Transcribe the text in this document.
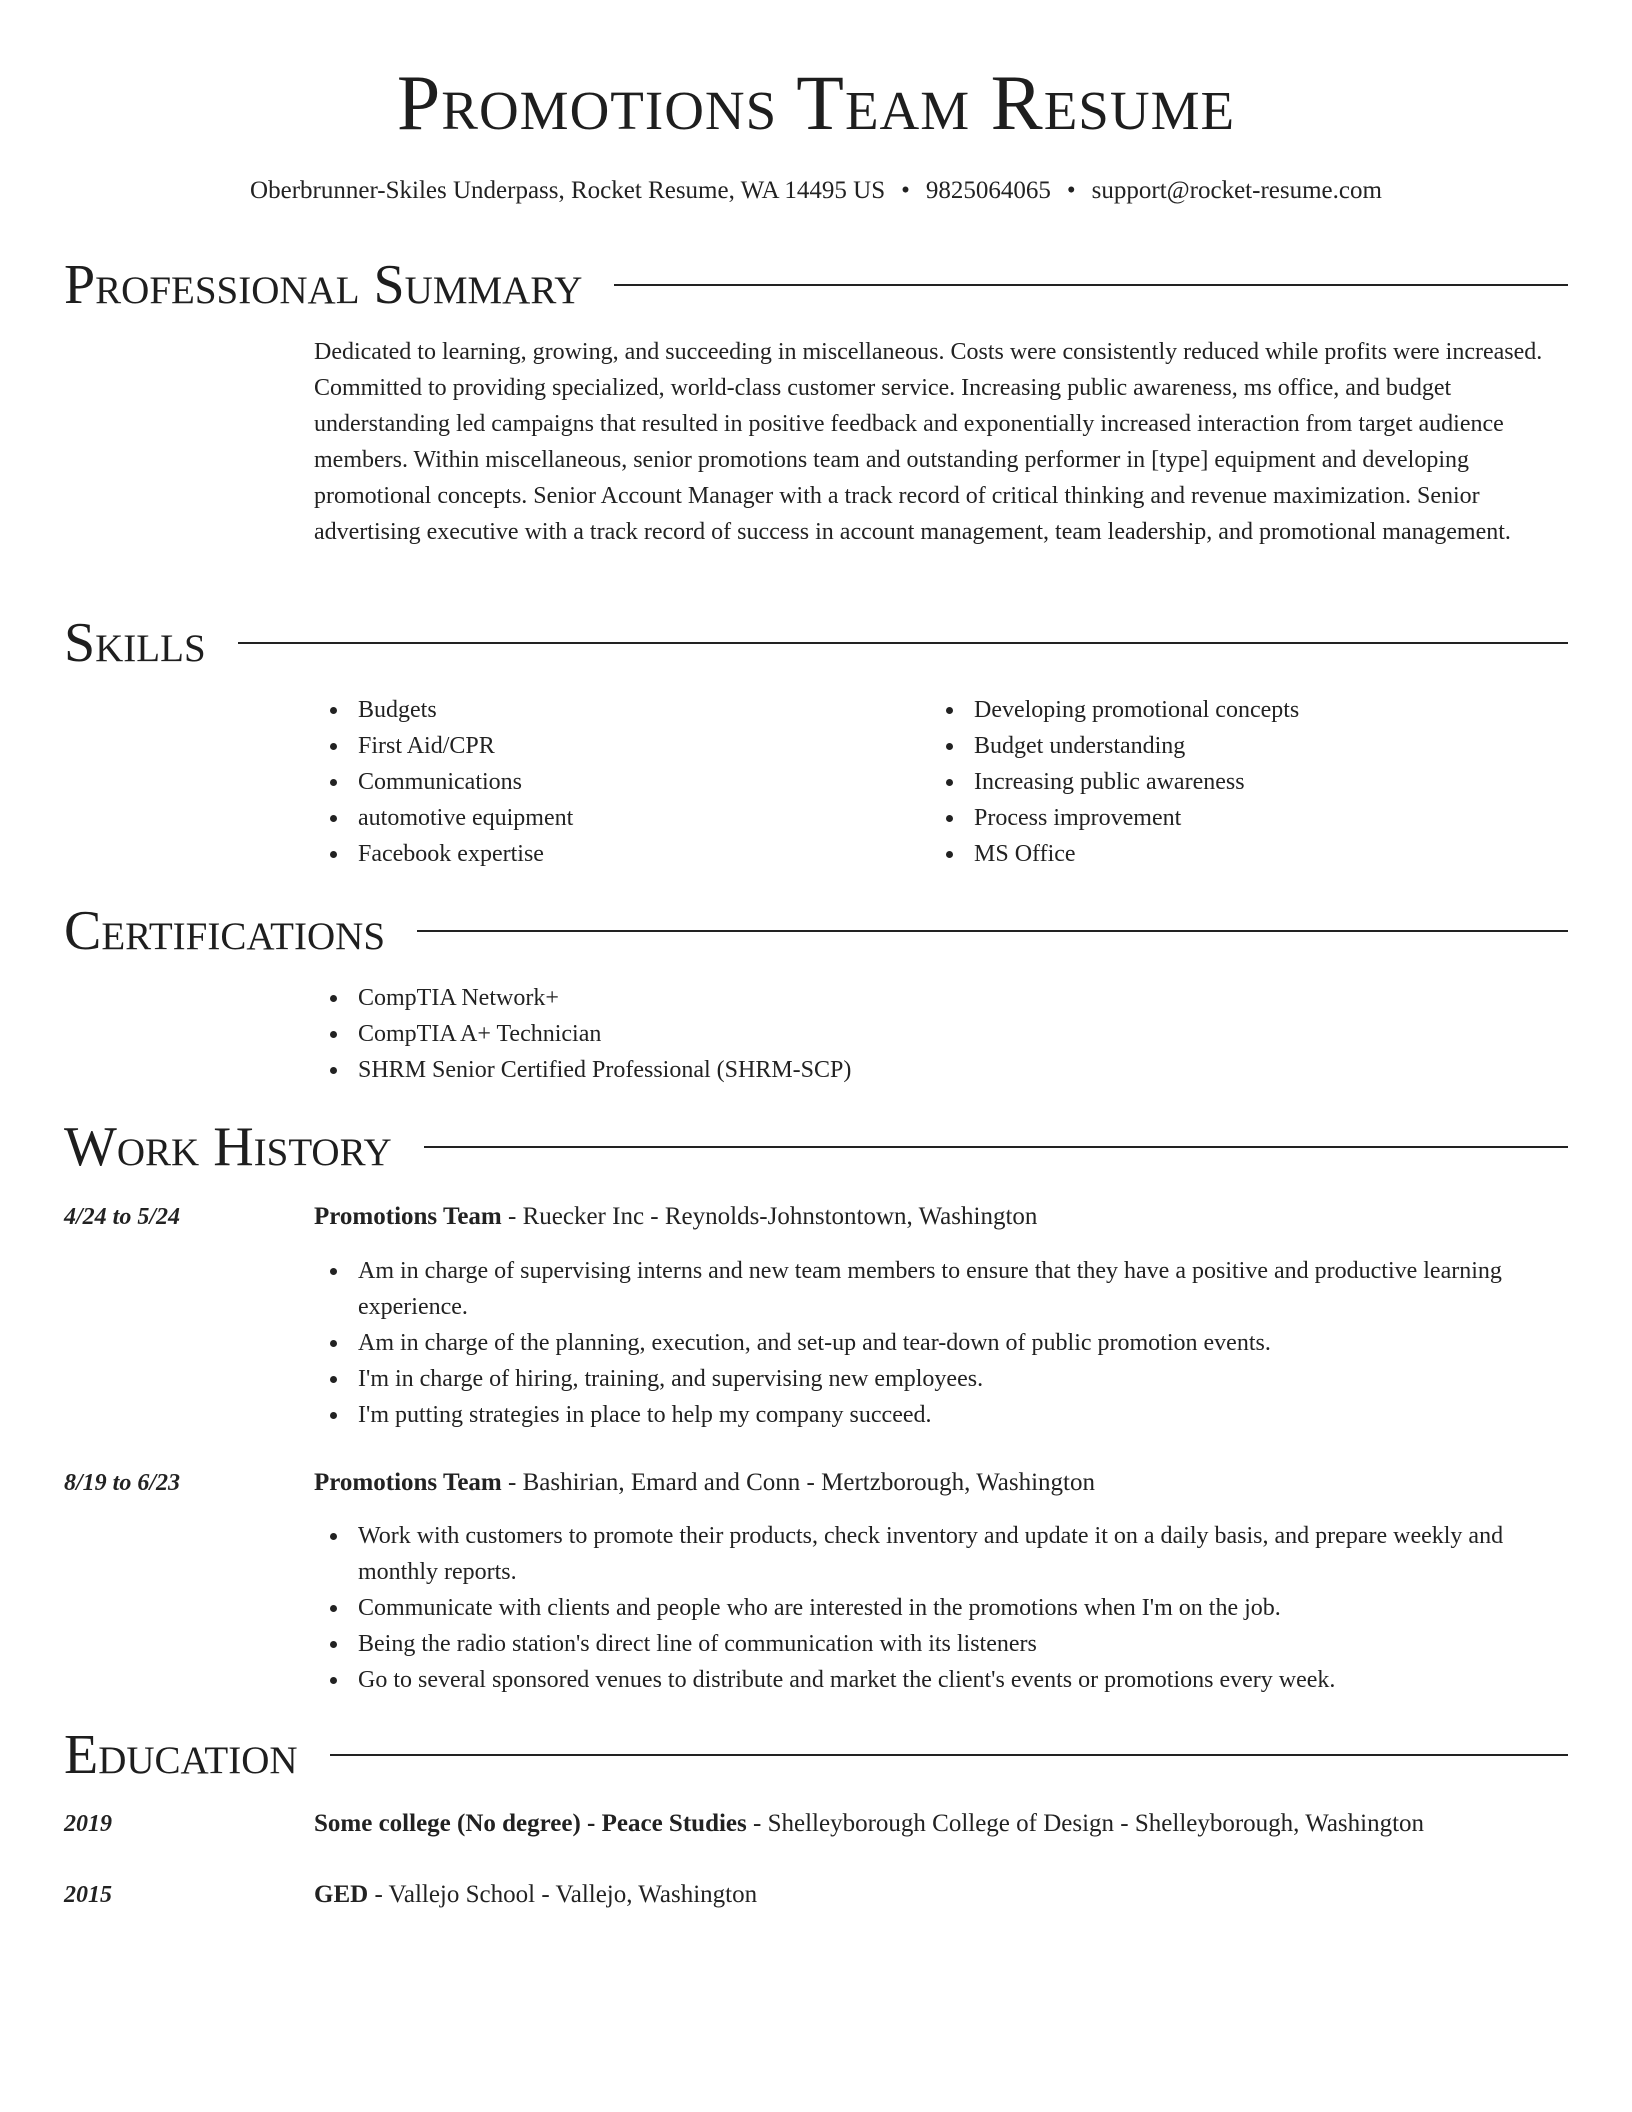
Promotions Team Resume
Oberbrunner-Skiles Underpass, Rocket Resume, WA 14495 US • 9825064065 • support@rocket-resume.com
Professional Summary

Dedicated to learning, growing, and succeeding in miscellaneous. Costs were consistently reduced while profits were increased. Committed to providing specialized, world-class customer service. Increasing public awareness, ms office, and budget understanding led campaigns that resulted in positive feedback and exponentially increased interaction from target audience members. Within miscellaneous, senior promotions team and outstanding performer in [type] equipment and developing promotional concepts. Senior Account Manager with a track record of critical thinking and revenue maximization. Senior advertising executive with a track record of success in account management, team leadership, and promotional management.

Skills
Budgets
First Aid/CPR
Communications
automotive equipment
Facebook expertise
Developing promotional concepts
Budget understanding
Increasing public awareness
Process improvement
MS Office
Certifications
CompTIA Network+
CompTIA A+ Technician
SHRM Senior Certified Professional (SHRM-SCP)
Work History
4/24 to 5/24	Promotions Team - Ruecker Inc - Reynolds-Johnstontown, Washington
Am in charge of supervising interns and new team members to ensure that they have a positive and productive learning experience.
Am in charge of the planning, execution, and set-up and tear-down of public promotion events.
I'm in charge of hiring, training, and supervising new employees.
I'm putting strategies in place to help my company succeed.
8/19 to 6/23	Promotions Team - Bashirian, Emard and Conn - Mertzborough, Washington
Work with customers to promote their products, check inventory and update it on a daily basis, and prepare weekly and monthly reports.
Communicate with clients and people who are interested in the promotions when I'm on the job.
Being the radio station's direct line of communication with its listeners
Go to several sponsored venues to distribute and market the client's events or promotions every week.
Education
2019	Some college (No degree) - Peace Studies - Shelleyborough College of Design - Shelleyborough, Washington
2015	GED - Vallejo School - Vallejo, Washington
